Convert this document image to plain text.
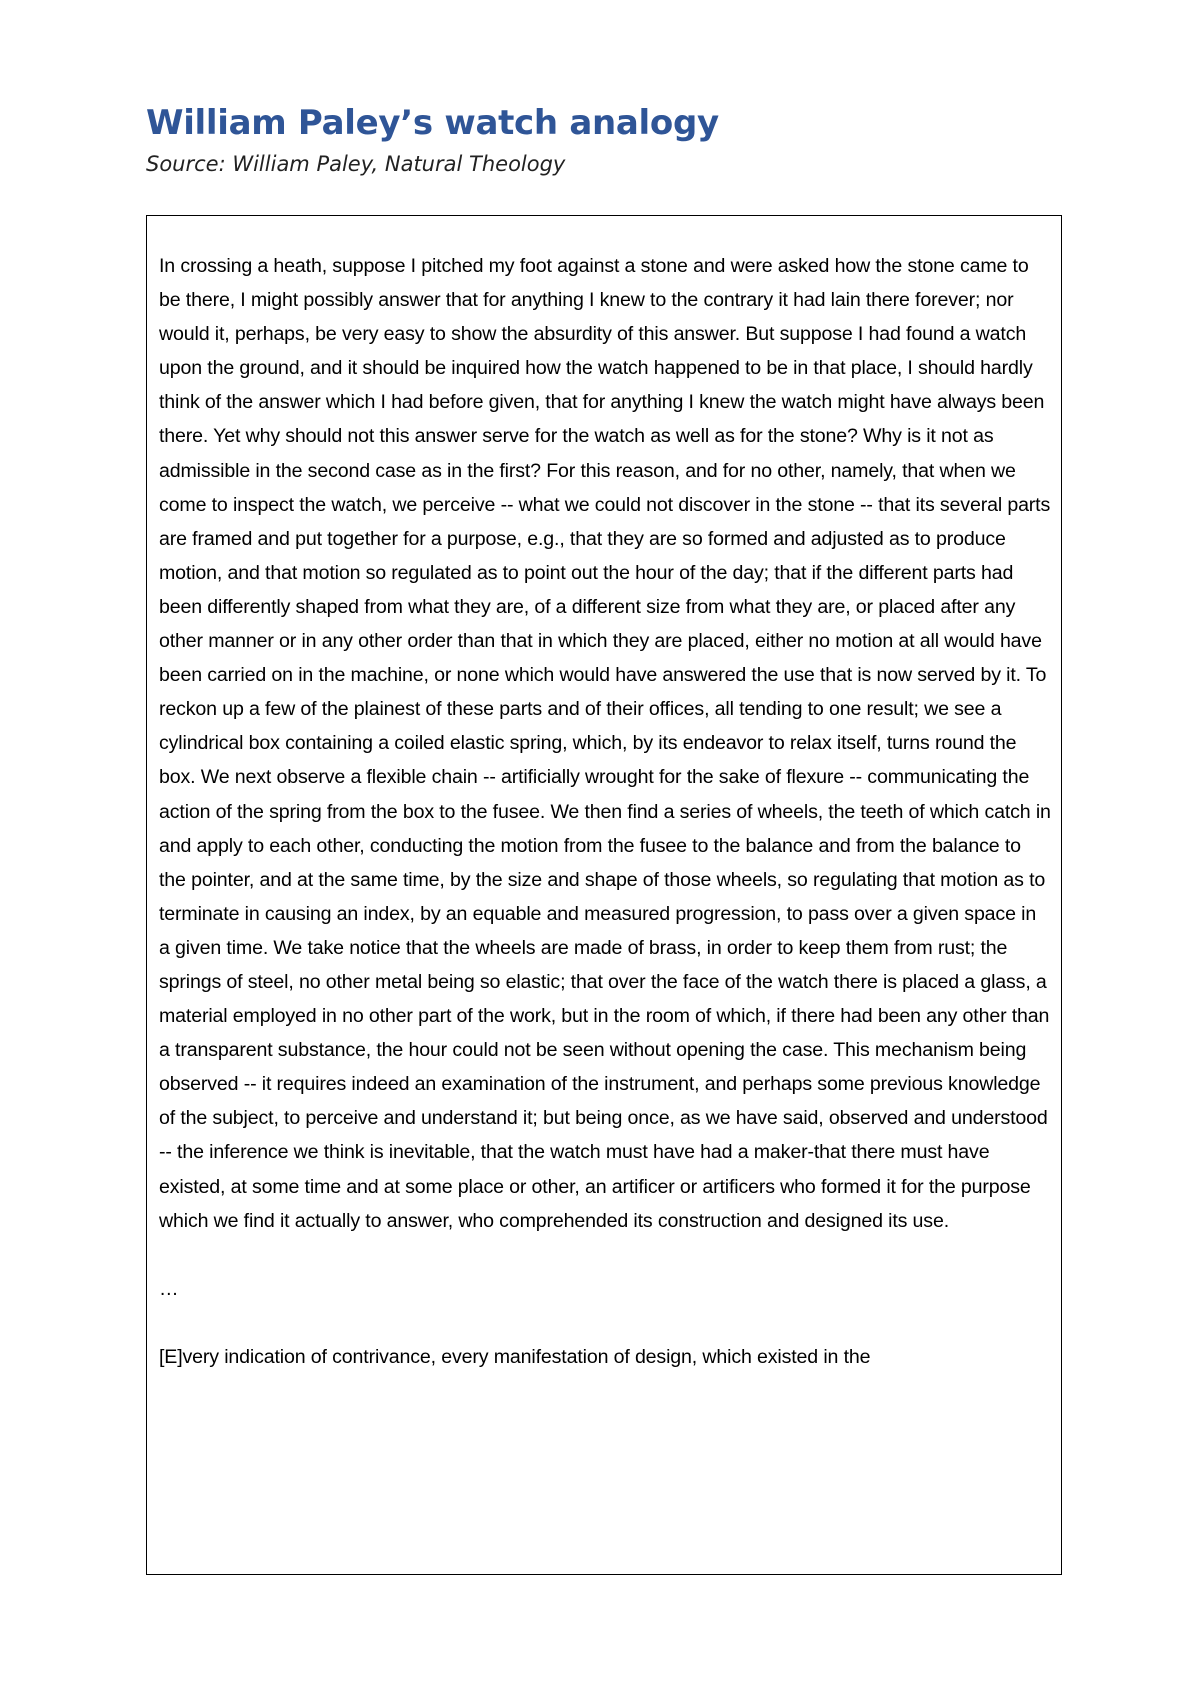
William Paley’s watch analogy
Source: William Paley, Natural Theology

In crossing a heath, suppose I pitched my foot against a stone and were asked how the stone came to be there, I might possibly answer that for anything I knew to the contrary it had lain there forever; nor would it, perhaps, be very easy to show the absurdity of this answer. But suppose I had found a watch upon the ground, and it should be inquired how the watch happened to be in that place, I should hardly think of the answer which I had before given, that for anything I knew the watch might have always been there. Yet why should not this answer serve for the watch as well as for the stone? Why is it not as admissible in the second case as in the first? For this reason, and for no other, namely, that when we come to inspect the watch, we perceive -- what we could not discover in the stone -- that its several parts are framed and put together for a purpose, e.g., that they are so formed and adjusted as to produce motion, and that motion so regulated as to point out the hour of the day; that if the different parts had been differently shaped from what they are, of a different size from what they are, or placed after any other manner or in any other order than that in which they are placed, either no motion at all would have been carried on in the machine, or none which would have answered the use that is now served by it. To reckon up a few of the plainest of these parts and of their offices, all tending to one result; we see a cylindrical box containing a coiled elastic spring, which, by its endeavor to relax itself, turns round the box. We next observe a flexible chain -- artificially wrought for the sake of flexure -- communicating the action of the spring from the box to the fusee. We then find a series of wheels, the teeth of which catch in and apply to each other, conducting the motion from the fusee to the balance and from the balance to the pointer, and at the same time, by the size and shape of those wheels, so regulating that motion as to terminate in causing an index, by an equable and measured progression, to pass over a given space in a given time. We take notice that the wheels are made of brass, in order to keep them from rust; the springs of steel, no other metal being so elastic; that over the face of the watch there is placed a glass, a material employed in no other part of the work, but in the room of which, if there had been any other than a transparent substance, the hour could not be seen without opening the case. This mechanism being observed -- it requires indeed an examination of the instrument, and perhaps some previous knowledge of the subject, to perceive and understand it; but being once, as we have said, observed and understood -- the inference we think is inevitable, that the watch must have had a maker-that there must have existed, at some time and at some place or other, an artificer or artificers who formed it for the purpose which we find it actually to answer, who comprehended its construction and designed its use.

…

[E]very indication of contrivance, every manifestation of design, which existed in the
